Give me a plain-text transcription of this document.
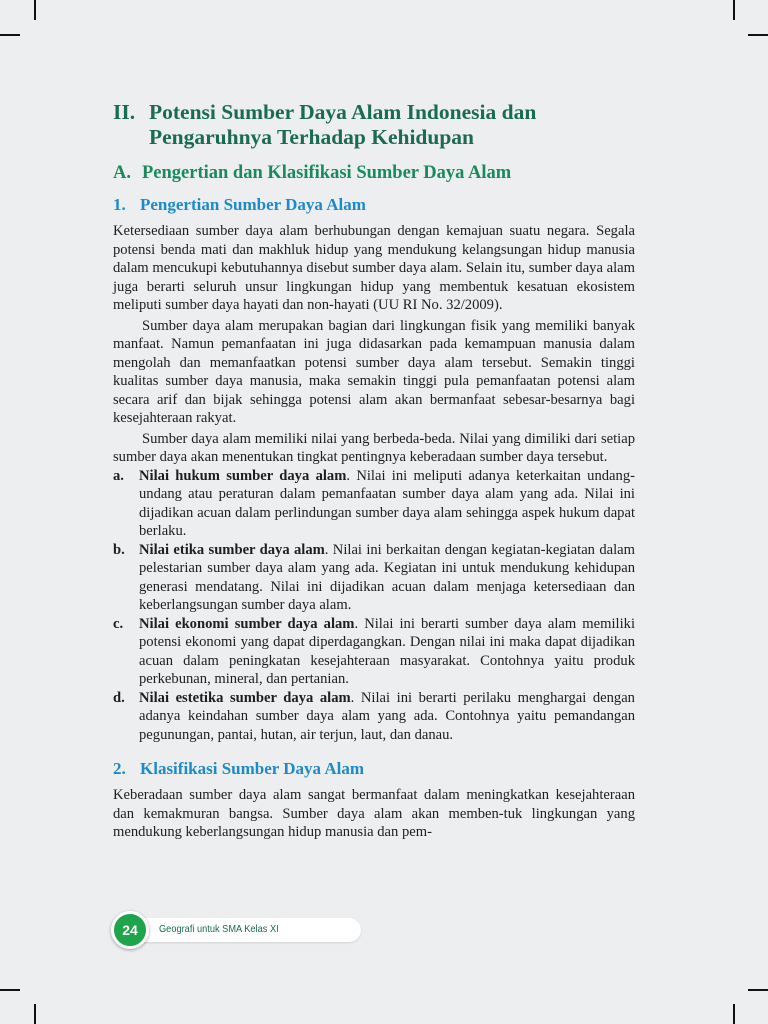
II. Potensi Sumber Daya Alam Indonesia dan Pengaruhnya Terhadap Kehidupan
A. Pengertian dan Klasifikasi Sumber Daya Alam
1. Pengertian Sumber Daya Alam

Ketersediaan sumber daya alam berhubungan dengan kemajuan suatu negara. Segala potensi benda mati dan makhluk hidup yang mendukung kelangsungan hidup manusia dalam mencukupi kebutuhannya disebut sumber daya alam. Selain itu, sumber daya alam juga berarti seluruh unsur lingkungan hidup yang membentuk kesatuan ekosistem meliputi sumber daya hayati dan non-hayati (UU RI No. 32/2009).

Sumber daya alam merupakan bagian dari lingkungan fisik yang memiliki banyak manfaat. Namun pemanfaatan ini juga didasarkan pada kemampuan manusia dalam mengolah dan memanfaatkan potensi sumber daya alam tersebut. Semakin tinggi kualitas sumber daya manusia, maka semakin tinggi pula pemanfaatan potensi alam secara arif dan bijak sehingga potensi alam akan bermanfaat sebesar-besarnya bagi kesejahteraan rakyat.

Sumber daya alam memiliki nilai yang berbeda-beda. Nilai yang dimiliki dari setiap sumber daya akan menentukan tingkat pentingnya keberadaan sumber daya tersebut.

a.	Nilai hukum sumber daya alam. Nilai ini meliputi adanya keterkaitan undang-undang atau peraturan dalam pemanfaatan sumber daya alam yang ada. Nilai ini dijadikan acuan dalam perlindungan sumber daya alam sehingga aspek hukum dapat berlaku.
b. Nilai etika sumber daya alam. Nilai ini berkaitan dengan kegiatan-kegiatan dalam pelestarian sumber daya alam yang ada. Kegiatan ini untuk mendukung kehidupan generasi mendatang. Nilai ini dijadikan acuan dalam menjaga ketersediaan dan keberlangsungan sumber daya alam.
c.	Nilai ekonomi sumber daya alam. Nilai ini berarti sumber daya alam memiliki potensi ekonomi yang dapat diperdagangkan. Dengan nilai ini maka dapat dijadikan acuan dalam peningkatan kesejahteraan masyarakat. Contohnya yaitu produk perkebunan, mineral, dan pertanian.
d. Nilai estetika sumber daya alam. Nilai ini berarti perilaku menghargai dengan adanya keindahan sumber daya alam yang ada. Contohnya yaitu pemandangan pegunungan, pantai, hutan, air terjun, laut, dan danau.
2. Klasifikasi Sumber Daya Alam

Keberadaan sumber daya alam sangat bermanfaat dalam meningkatkan kesejahteraan dan kemakmuran bangsa. Sumber daya alam akan memben-tuk lingkungan yang mendukung keberlangsungan hidup manusia dan pem-

24	Geografi untuk SMA Kelas XI
